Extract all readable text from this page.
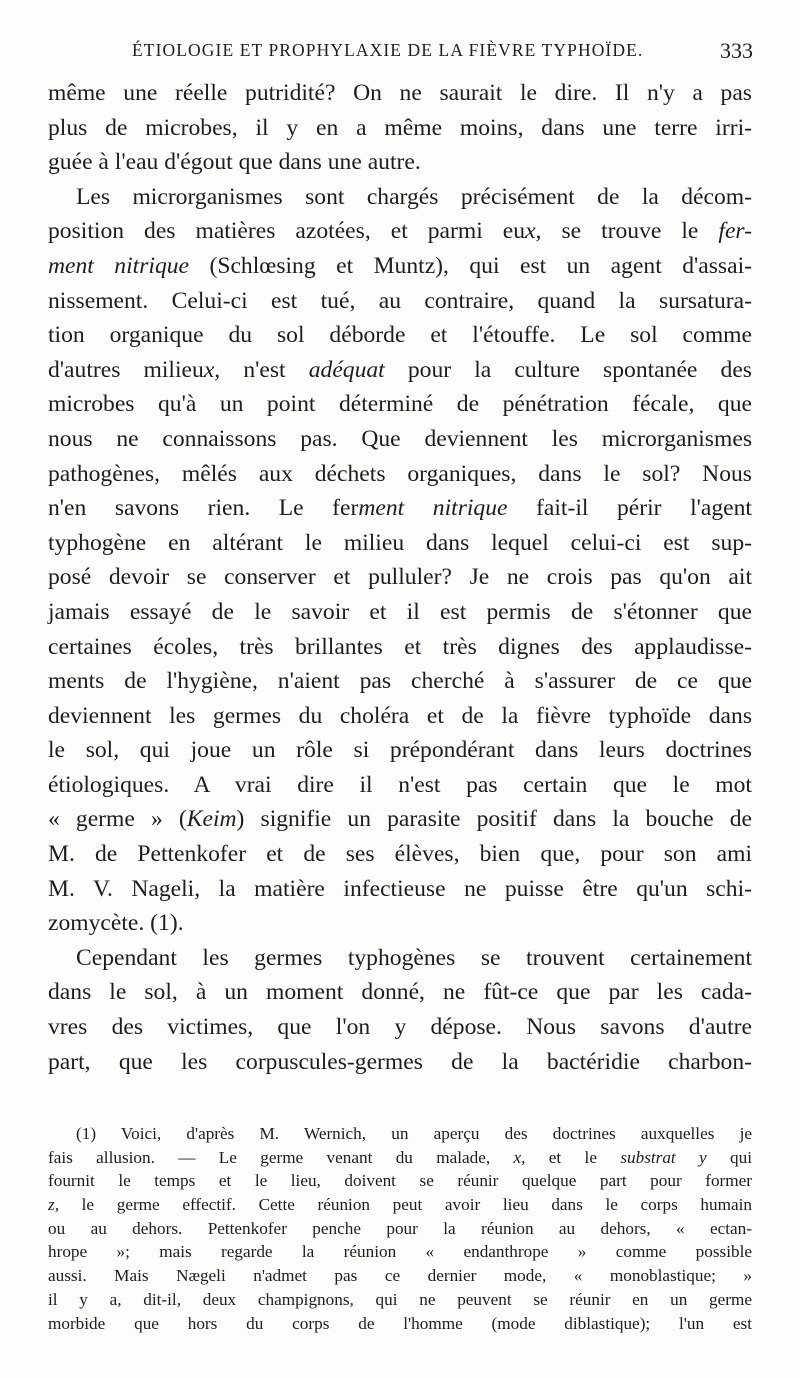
ÉTIOLOGIE ET PROPHYLAXIE DE LA FIÈVRE TYPHOÏDE.	333
même une réelle putridité? On ne saurait le dire. Il n'y a pas
plus de microbes, il y en a même moins, dans une terre irri-
guée à l'eau d'égout que dans une autre.
Les microrganismes sont chargés précisément de la décom-
position des matières azotées, et parmi eux, se trouve le fer-
ment nitrique (Schlœsing et Muntz), qui est un agent d'assai-
nissement. Celui-ci est tué, au contraire, quand la sursatura-
tion organique du sol déborde et l'étouffe. Le sol comme
d'autres milieux, n'est adéquat pour la culture spontanée des
microbes qu'à un point déterminé de pénétration fécale, que
nous ne connaissons pas. Que deviennent les microrganismes
pathogènes, mêlés aux déchets organiques, dans le sol? Nous
n'en savons rien. Le ferment nitrique fait-il périr l'agent
typhogène en altérant le milieu dans lequel celui-ci est sup-
posé devoir se conserver et pulluler? Je ne crois pas qu'on ait
jamais essayé de le savoir et il est permis de s'étonner que
certaines écoles, très brillantes et très dignes des applaudisse-
ments de l'hygiène, n'aient pas cherché à s'assurer de ce que
deviennent les germes du choléra et de la fièvre typhoïde dans
le sol, qui joue un rôle si prépondérant dans leurs doctrines
étiologiques. A vrai dire il n'est pas certain que le mot
« germe » (Keim) signifie un parasite positif dans la bouche de
M. de Pettenkofer et de ses élèves, bien que, pour son ami
M. V. Nageli, la matière infectieuse ne puisse être qu'un schi-
zomycète. (1).
Cependant les germes typhogènes se trouvent certainement
dans le sol, à un moment donné, ne fût-ce que par les cada-
vres des victimes, que l'on y dépose. Nous savons d'autre
part, que les corpuscules-germes de la bactéridie charbon-
(1) Voici, d'après M. Wernich, un aperçu des doctrines auxquelles je
fais allusion. — Le germe venant du malade, x, et le substrat y qui
fournit le temps et le lieu, doivent se réunir quelque part pour former
z, le germe effectif. Cette réunion peut avoir lieu dans le corps humain
ou au dehors. Pettenkofer penche pour la réunion au dehors, « ectan-
hrope »; mais regarde la réunion « endanthrope » comme possible
aussi. Mais Nægeli n'admet pas ce dernier mode, « monoblastique; »
il y a, dit-il, deux champignons, qui ne peuvent se réunir en un germe
morbide que hors du corps de l'homme (mode diblastique); l'un est
